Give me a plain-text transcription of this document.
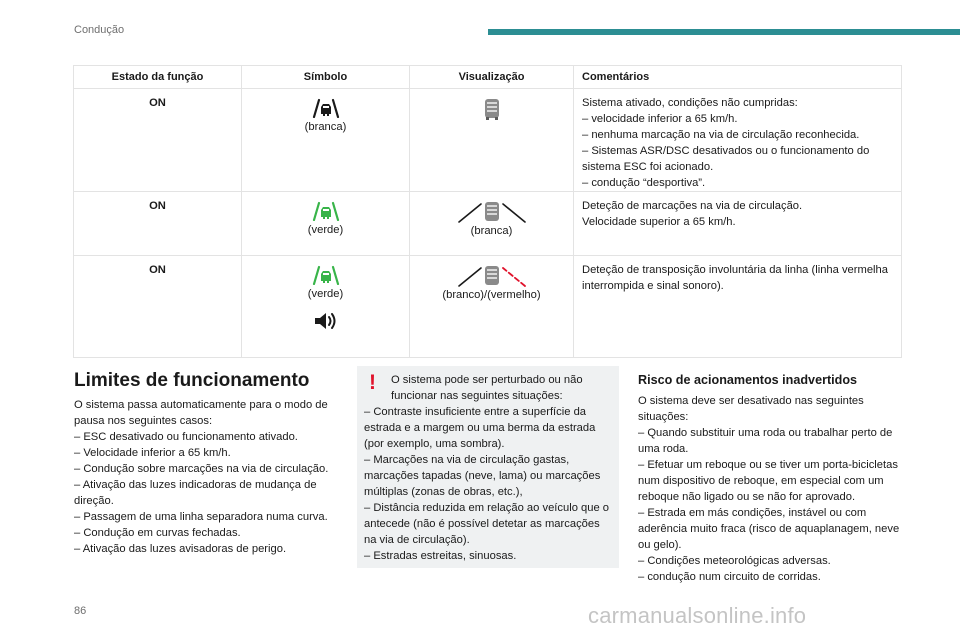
Condução
Estado da função	Símbolo	Visualização	Comentários
ON	(branca)		Sistema ativado, condições não cumpridas:
– velocidade inferior a 65 km/h.
– nenhuma marcação na via de circulação reconhecida.
– Sistemas ASR/DSC desativados ou o funcionamento do sistema ESC foi acionado.
– condução “desportiva”.

ON	(verde)	(branca)	Deteção de marcações na via de circulação.
Velocidade superior a 65 km/h.

ON	(verde)	(branco)/(vermelho)	Deteção de transposição involuntária da linha (linha vermelha interrompida e sinal sonoro).

Limites de funcionamento

O sistema passa automaticamente para o modo de pausa nos seguintes casos:

– ESC desativado ou funcionamento ativado.

– Velocidade inferior a 65 km/h.

– Condução sobre marcações na via de circulação.

– Ativação das luzes indicadoras de mudança de direção.

– Passagem de uma linha separadora numa curva.

– Condução em curvas fechadas.

– Ativação das luzes avisadoras de perigo.

!	O sistema pode ser perturbado ou não funcionar nas seguintes situações:

– Contraste insuficiente entre a superfície da estrada e a margem ou uma berma da estrada (por exemplo, uma sombra).

– Marcações na via de circulação gastas, marcações tapadas (neve, lama) ou marcações múltiplas (zonas de obras, etc.),

– Distância reduzida em relação ao veículo que o antecede (não é possível detetar as marcações na via de circulação).

– Estradas estreitas, sinuosas.

Risco de acionamentos inadvertidos

O sistema deve ser desativado nas seguintes situações:

– Quando substituir uma roda ou trabalhar perto de uma roda.

– Efetuar um reboque ou se tiver um porta-bicicletas num dispositivo de reboque, em especial com um reboque não ligado ou se não for aprovado.

– Estrada em más condições, instável ou com aderência muito fraca (risco de aquaplanagem, neve ou gelo).

– Condições meteorológicas adversas.

– condução num circuito de corridas.

86	carmanualsonline.info
